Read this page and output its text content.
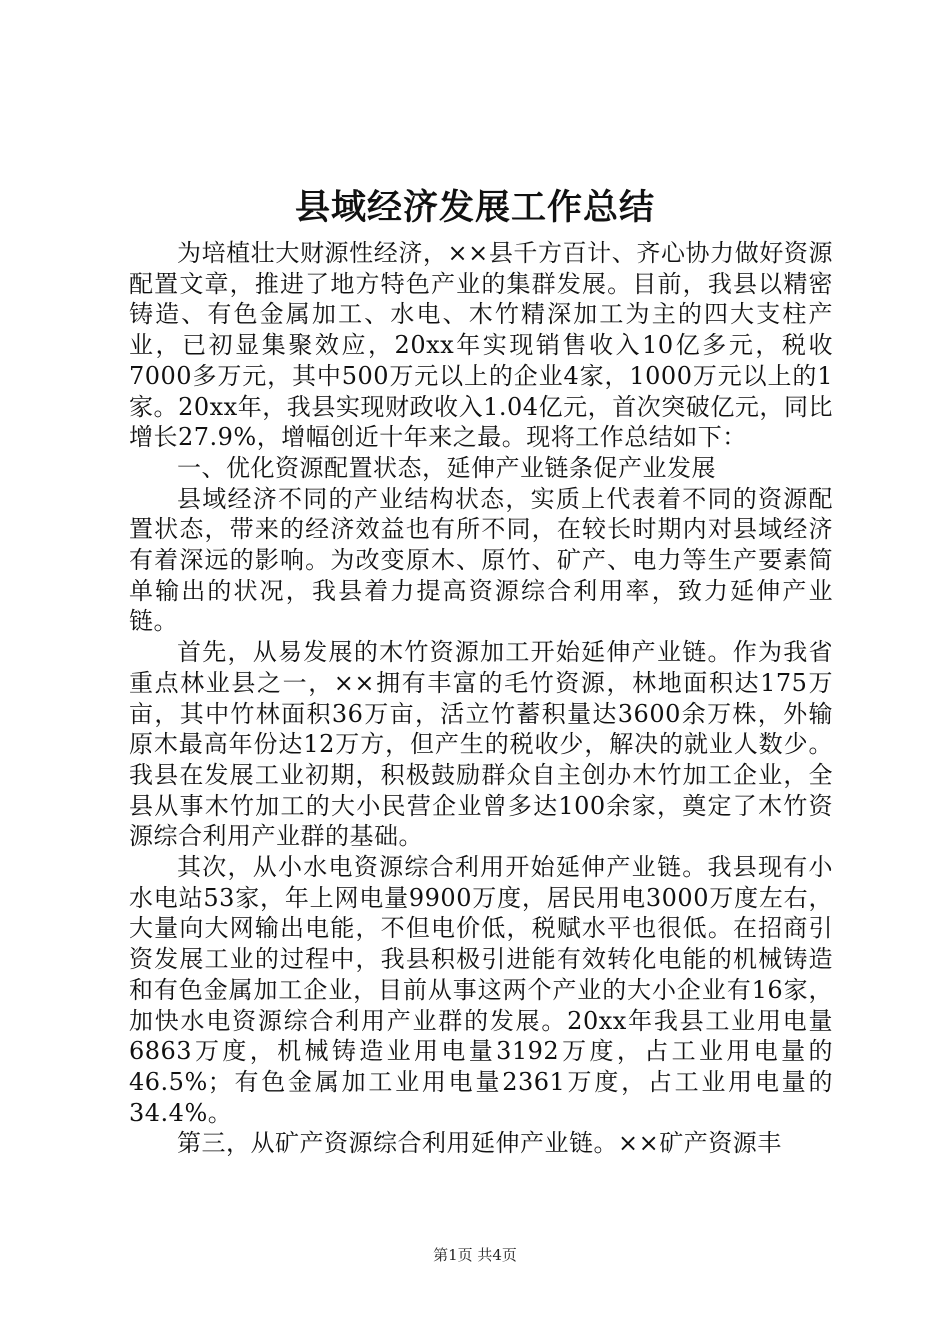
县域经济发展工作总结

为培植壮大财源性经济，××县千方百计、齐心协力做好资源配置文章，推进了地方特色产业的集群发展。目前，我县以精密铸造、有色金属加工、水电、木竹精深加工为主的四大支柱产业，已初显集聚效应，20xx年实现销售收入10亿多元，税收7000多万元，其中500万元以上的企业4家，1000万元以上的1家。20xx年，我县实现财政收入1.04亿元，首次突破亿元，同比增长27.9%，增幅创近十年来之最。现将工作总结如下：

一、优化资源配置状态，延伸产业链条促产业发展

县域经济不同的产业结构状态，实质上代表着不同的资源配置状态，带来的经济效益也有所不同，在较长时期内对县域经济有着深远的影响。为改变原木、原竹、矿产、电力等生产要素简单输出的状况，我县着力提高资源综合利用率，致力延伸产业链。

首先，从易发展的木竹资源加工开始延伸产业链。作为我省重点林业县之一，××拥有丰富的毛竹资源，林地面积达175万亩，其中竹林面积36万亩，活立竹蓄积量达3600余万株，外输原木最高年份达12万方，但产生的税收少，解决的就业人数少。我县在发展工业初期，积极鼓励群众自主创办木竹加工企业，全县从事木竹加工的大小民营企业曾多达100余家，奠定了木竹资源综合利用产业群的基础。

其次，从小水电资源综合利用开始延伸产业链。我县现有小水电站53家，年上网电量9900万度，居民用电3000万度左右，大量向大网输出电能，不但电价低，税赋水平也很低。在招商引资发展工业的过程中，我县积极引进能有效转化电能的机械铸造和有色金属加工企业，目前从事这两个产业的大小企业有16家，加快水电资源综合利用产业群的发展。20xx年我县工业用电量6863万度，机械铸造业用电量3192万度，占工业用电量的46.5%；有色金属加工业用电量2361万度，占工业用电量的34.4%。

第三，从矿产资源综合利用延伸产业链。××矿产资源丰

第1页 共4页
